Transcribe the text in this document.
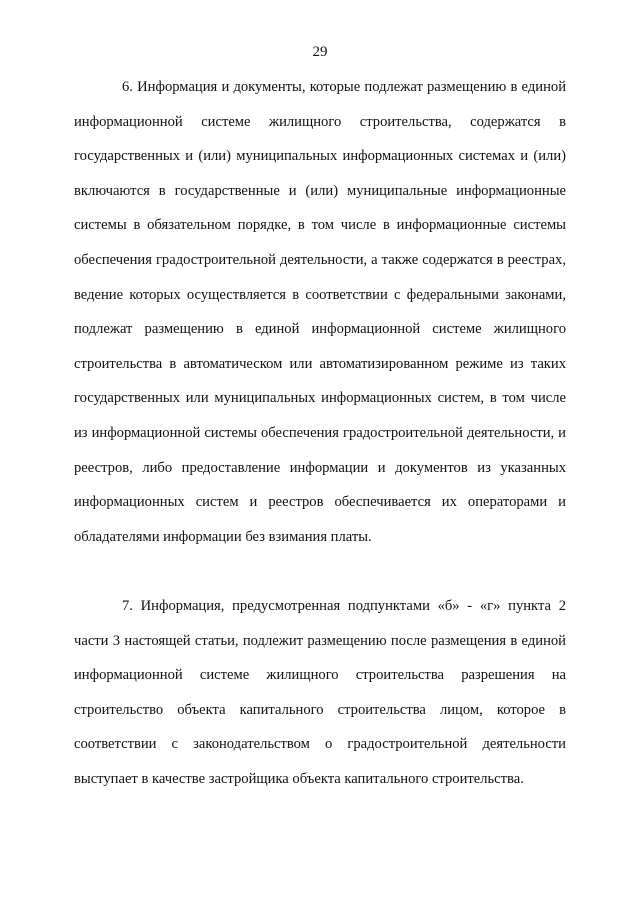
29

6. Информация и документы, которые подлежат размещению в единой информационной системе жилищного строительства, содержатся в государственных и (или) муниципальных информационных системах и (или) включаются в государственные и (или) муниципальные информационные системы в обязательном порядке, в том числе в информационные системы обеспечения градостроительной деятельности, а также содержатся в реестрах, ведение которых осуществляется в соответствии с федеральными законами, подлежат размещению в единой информационной системе жилищного строительства в автоматическом или автоматизированном режиме из таких государственных или муниципальных информационных систем, в том числе из информационной системы обеспечения градостроительной деятельности, и реестров, либо предоставление информации и документов из указанных информационных систем и реестров обеспечивается их операторами и обладателями информации без взимания платы.

7. Информация, предусмотренная подпунктами «б» - «г» пункта 2 части 3 настоящей статьи, подлежит размещению после размещения в единой информационной системе жилищного строительства разрешения на строительство объекта капитального строительства лицом, которое в соответствии с законодательством о градостроительной деятельности выступает в качестве застройщика объекта капитального строительства.
